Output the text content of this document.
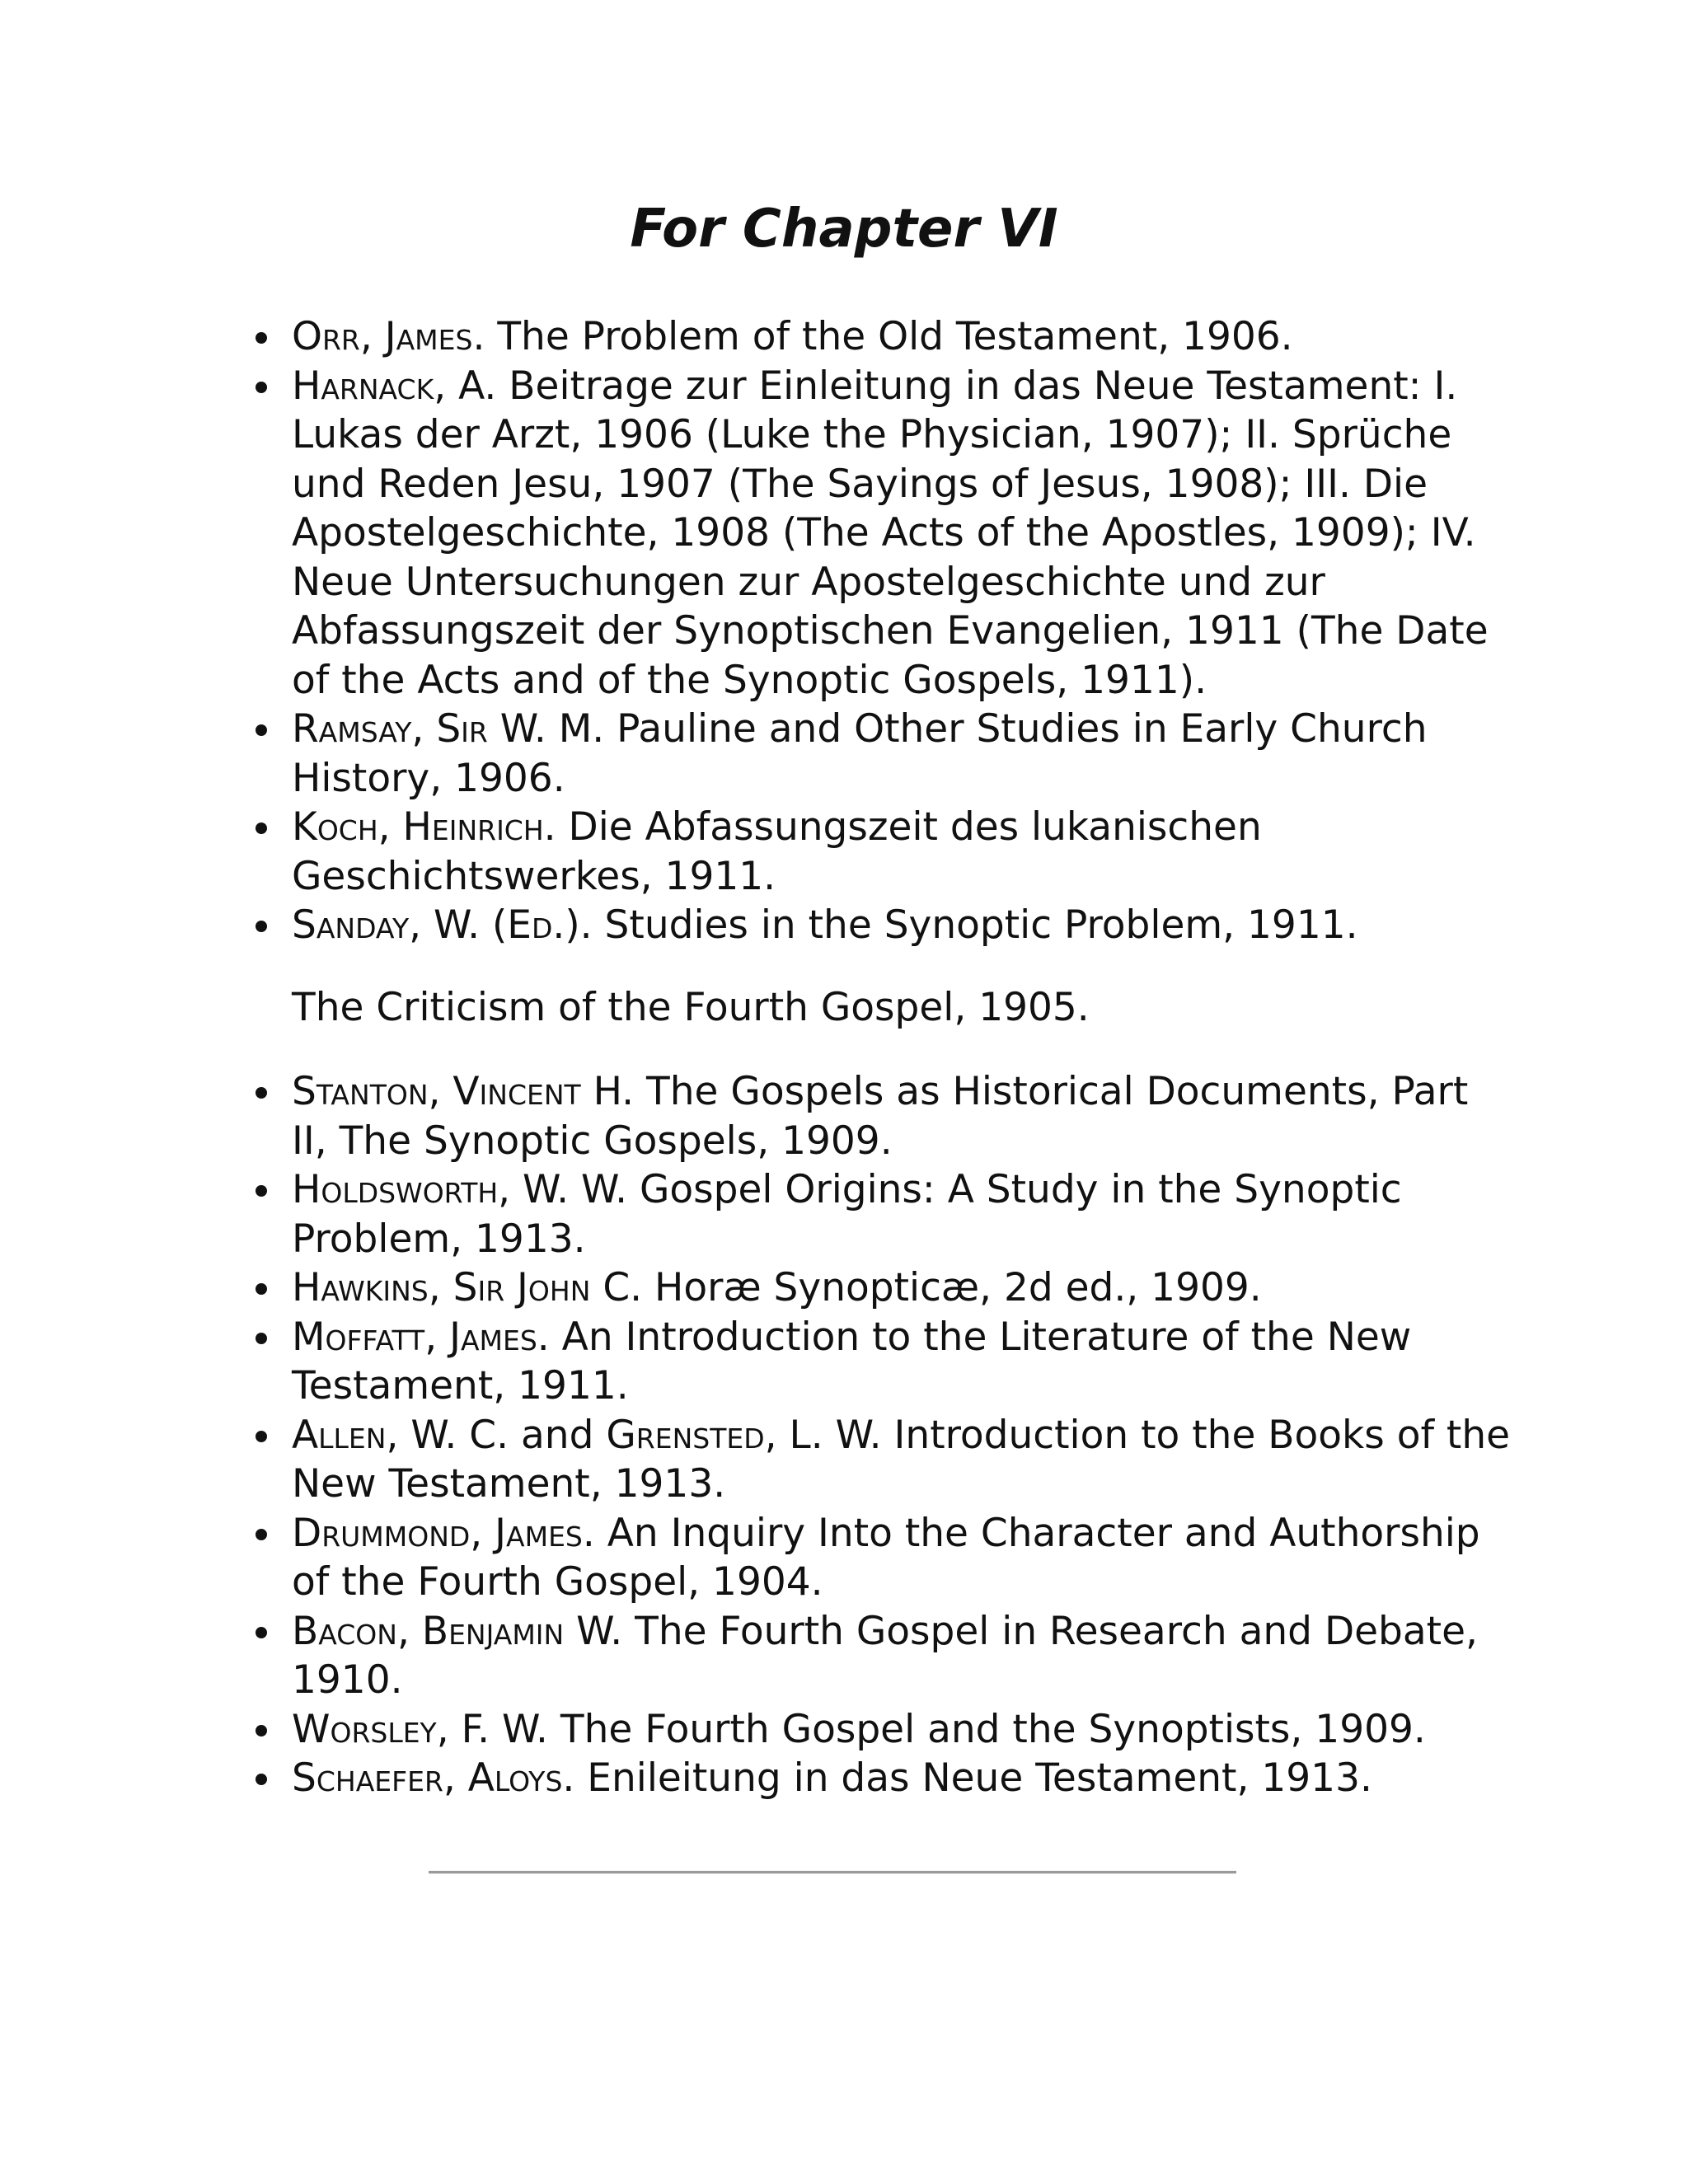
For Chapter VI
Orr, James. The Problem of the Old Testament, 1906.
Harnack, A. Beitrage zur Einleitung in das Neue Testament: I. Lukas der Arzt, 1906 (Luke the Physician, 1907); II. Sprüche und Reden Jesu, 1907 (The Sayings of Jesus, 1908); III. Die Apostelgeschichte, 1908 (The Acts of the Apostles, 1909); IV. Neue Untersuchungen zur Apostelgeschichte und zur Abfassungszeit der Synoptischen Evangelien, 1911 (The Date of the Acts and of the Synoptic Gospels, 1911).
Ramsay, Sir W. M. Pauline and Other Studies in Early Church History, 1906.
Koch, Heinrich. Die Abfassungszeit des lukanischen Geschichtswerkes, 1911.
Sanday, W. (Ed.). Studies in the Synoptic Problem, 1911.

The Criticism of the Fourth Gospel, 1905.

Stanton, Vincent H. The Gospels as Historical Documents, Part II, The Synoptic Gospels, 1909.
Holdsworth, W. W. Gospel Origins: A Study in the Synoptic Problem, 1913.
Hawkins, Sir John C. Horæ Synopticæ, 2d ed., 1909.
Moffatt, James. An Introduction to the Literature of the New Testament, 1911.
Allen, W. C. and Grensted, L. W. Introduction to the Books of the New Testament, 1913.
Drummond, James. An Inquiry Into the Character and Authorship of the Fourth Gospel, 1904.
Bacon, Benjamin W. The Fourth Gospel in Research and Debate, 1910.
Worsley, F. W. The Fourth Gospel and the Synoptists, 1909.
Schaefer, Aloys. Enileitung in das Neue Testament, 1913.
